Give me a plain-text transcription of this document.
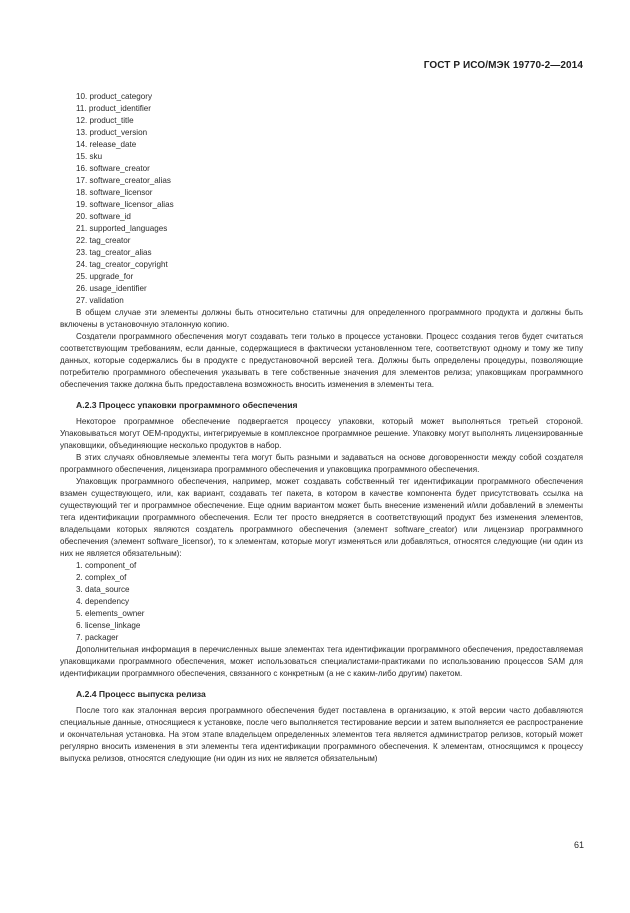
ГОСТ Р ИСО/МЭК 19770-2—2014
10. product_category
11. product_identifier
12. product_title
13. product_version
14. release_date
15. sku
16. software_creator
17. software_creator_alias
18. software_licensor
19. software_licensor_alias
20. software_id
21. supported_languages
22. tag_creator
23. tag_creator_alias
24. tag_creator_copyright
25. upgrade_for
26. usage_identifier
27. validation

В общем случае эти элементы должны быть относительно статичны для определенного программного продукта и должны быть включены в установочную эталонную копию.

Создатели программного обеспечения могут создавать теги только в процессе установки. Процесс создания тегов будет считаться соответствующим требованиям, если данные, содержащиеся в фактически установленном теге, соответствуют одному и тому же типу данных, которые содержались бы в продукте с предустановочной версией тега. Должны быть определены процедуры, позволяющие потребителю программного обеспечения указывать в теге собственные значения для элементов релиза; упаковщикам программного обеспечения также должна быть предоставлена возможность вносить изменения в элементы тега.

А.2.3 Процесс упаковки программного обеспечения

Некоторое программное обеспечение подвергается процессу упаковки, который может выполняться третьей стороной. Упаковываться могут ОЕМ-продукты, интегрируемые в комплексное программное решение. Упаковку могут выполнять лицензированные упаковщики, объединяющие несколько продуктов в набор.

В этих случаях обновляемые элементы тега могут быть разными и задаваться на основе договоренности между собой создателя программного обеспечения, лицензиара программного обеспечения и упаковщика программного обеспечения.

Упаковщик программного обеспечения, например, может создавать собственный тег идентификации программного обеспечения взамен существующего, или, как вариант, создавать тег пакета, в котором в качестве компонента будет присутствовать ссылка на существующий тег и программное обеспечение. Еще одним вариантом может быть внесение изменений и/или добавлений в элементы тега идентификации программного обеспечения. Если тег просто внедряется в соответствующий продукт без изменения элементов, владельцами которых являются создатель программного обеспечения (элемент software_creator) или лицензиар программного обеспечения (элемент software_licensor), то к элементам, которые могут изменяться или добавляться, относятся следующие (ни один из них не является обязательным):

1. component_of
2. complex_of
3. data_source
4. dependency
5. elements_owner
6. license_linkage
7. packager

Дополнительная информация в перечисленных выше элементах тега идентификации программного обеспечения, предоставляемая упаковщиками программного обеспечения, может использоваться специалистами-практиками по использованию процессов SAM для идентификации программного обеспечения, связанного с конкретным (а не с каким-либо другим) пакетом.

А.2.4 Процесс выпуска релиза

После того как эталонная версия программного обеспечения будет поставлена в организацию, к этой версии часто добавляются специальные данные, относящиеся к установке, после чего выполняется тестирование версии и затем выполняется ее распространение и окончательная установка. На этом этапе владельцем определенных элементов тега является администратор релизов, который может регулярно вносить изменения в эти элементы тега идентификации программного обеспечения. К элементам, относящимся к процессу выпуска релизов, относятся следующие (ни один из них не является обязательным)

61
